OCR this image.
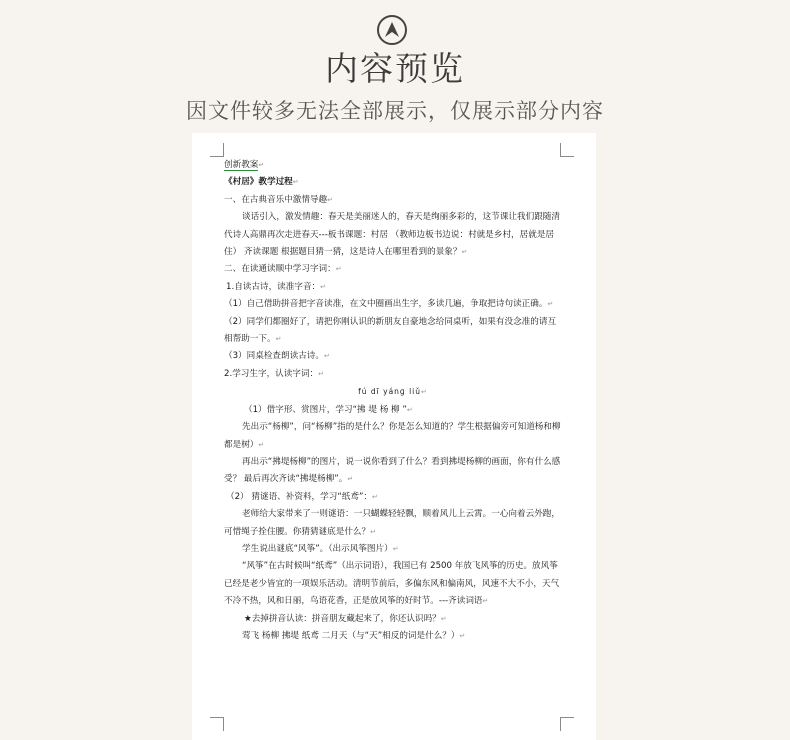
内容预览
因文件较多无法全部展示，仅展示部分内容

创新教案↵

《村居》教学过程↵

一、在古典音乐中激情导趣↵

谈话引入，激发情趣：春天是美丽迷人的，春天是绚丽多彩的，这节课让我们跟随清代诗人高鼎再次走进春天---板书课题：村居 （教师边板书边说：村就是乡村，居就是居住） 齐读课题 根据题目猜一猜，这是诗人在哪里看到的景象？↵

二、在读通读顺中学习字词：↵

1.自读古诗，读准字音：↵

（1）自己借助拼音把字音读准，在文中圈画出生字，多读几遍，争取把诗句读正确。↵

（2）同学们都圈好了，请把你刚认识的新朋友自豪地念给同桌听，如果有没念准的请互相帮助一下。↵

（3）同桌检查朗读古诗。↵

2.学习生字，认读字词：↵

fú dī yánɡ liǔ↵

（1）借字形、赏图片，学习“拂 堤 杨 柳 ”↵

先出示“杨柳”，问“杨柳”指的是什么？你是怎么知道的？学生根据偏旁可知道杨和柳都是树）↵

再出示“拂堤杨柳”的图片，说一说你看到了什么？看到拂堤杨柳的画面，你有什么感受？ 最后再次齐读“拂堤杨柳”。↵

（2） 猜谜语、补资料，学习“纸鸢”：↵

老师给大家带来了一则谜语：一只蝴蝶轻轻飘，顺着风儿上云霄。一心向着云外跑，可惜绳子拴住腰。你猜猜谜底是什么？↵

学生说出谜底“风筝”。（出示风筝图片）↵

“风筝”在古时候叫“纸鸢”（出示词语），我国已有 2500 年放飞风筝的历史。放风筝已经是老少皆宜的一项娱乐活动。清明节前后，多偏东风和偏南风，风速不大不小，天气不冷不热，风和日丽，鸟语花香，正是放风筝的好时节。---齐读词语↵

★去掉拼音认读：拼音朋友藏起来了，你还认识吗？↵

莺飞 杨柳 拂堤 纸鸢 二月天（与“天”相反的词是什么？）↵
